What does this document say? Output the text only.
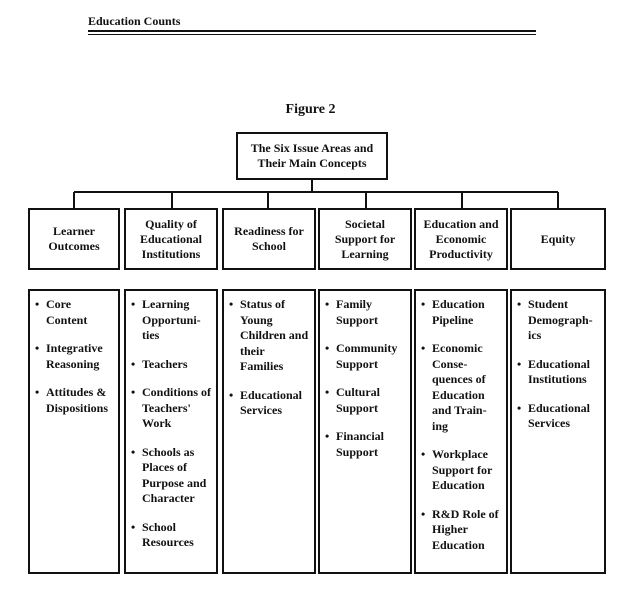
Education Counts
Figure 2
The Six Issue Areas and Their Main Concepts
Learner Outcomes
Quality of Educational Institutions
Readiness for School
Societal Support for Learning
Education and Economic Productivity
Equity
• Core Content
• Integrative Reasoning
• Attitudes & Dispositions
• Learning Opportuni-ties
• Teachers
• Conditions of Teachers' Work
• Schools as Places of Purpose and Character
• School Resources
• Status of Young Children and their Families
• Educational Services
• Family Support
• Community Support
• Cultural Support
• Financial Support
• Education Pipeline
• Economic Conse-quences of Education and Train-ing
• Workplace Support for Education
• R&D Role of Higher Education
• Student Demograph-ics
• Educational Institutions
• Educational Services
